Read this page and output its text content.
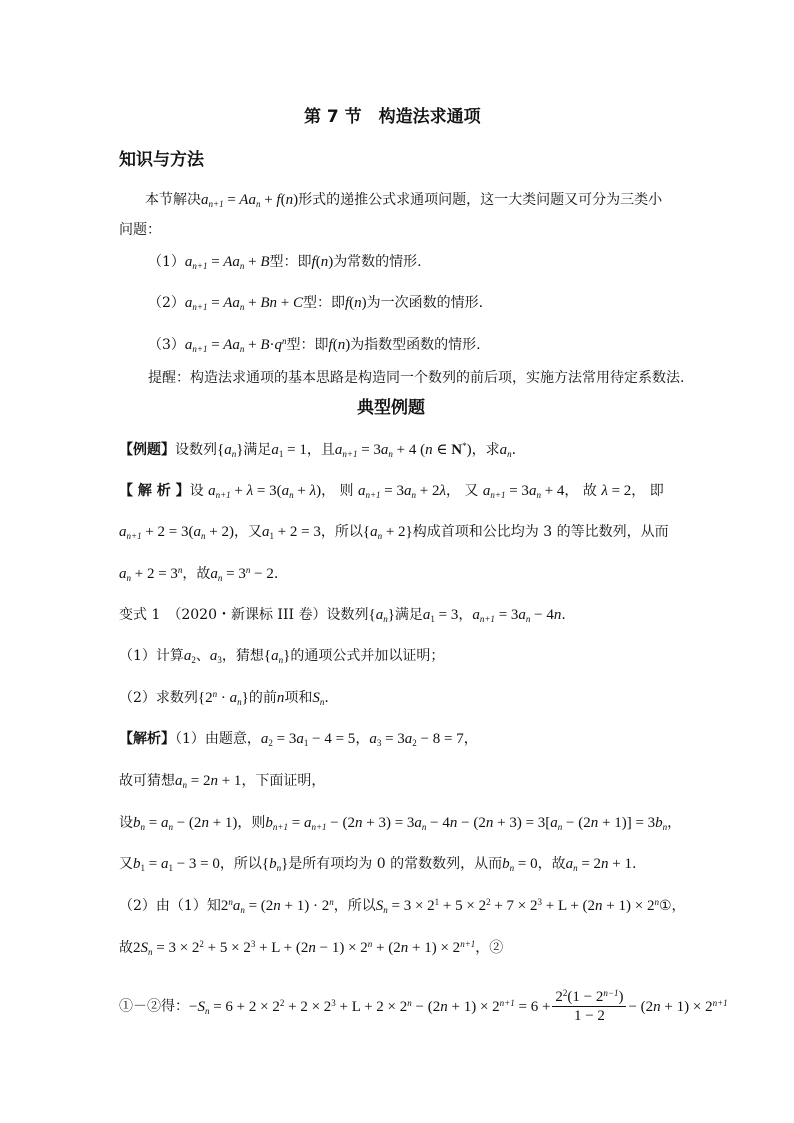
第 7 节　构造法求通项
知识与方法
本节解决$a_{n+1} = Aa_n + f(n)$形式的递推公式求通项问题，这一大类问题又可分为三类小
问题：
$(1)a_{n+1} = Aa_n + B$型：即f(n)为常数的情形.
$(2)a_{n+1} = Aa_n + Bn + C$型：即f(n)为一次函数的情形.
$(3)a_{n+1} = Aa_n + B\cdot q^n$型：即f(n)为指数型函数的情形.
提醒：构造法求通项的基本思路是构造同一个数列的前后项，实施方法常用待定系数法.
典型例题
【例题】设数列$\{a_n\}$满足$a_1 = 1$，且$a_{n+1} = 3a_n + 4$ (n ∈ N*)，求$a_n$.
【 解 析 】设 $a_{n+1} + \lambda = 3(a_n + \lambda)$， 则 $a_{n+1} = 3a_n + 2\lambda$， 又 $a_{n+1} = 3a_n + 4$， 故 λ = 2， 即
$a_{n+1} + 2 = 3(a_n + 2)$，又$a_1 + 2 = 3$，所以$\{a_n + 2\}$构成首项和公比均为 3 的等比数列，从而
$a_n + 2 = 3^n$，故$a_n = 3^n - 2$.
变式 1　（2020・新课标 III 卷）设数列$\{a_n\}$满足$a_1 = 3$，$a_{n+1} = 3a_n - 4n$.
（1）计算$a_2$、$a_3$，猜想$\{a_n\}$的通项公式并加以证明；
（2）求数列$\{2^n \cdot a_n\}$的前n项和$S_n$.
【解析】（1）由题意，$a_2 = 3a_1 - 4 = 5$，$a_3 = 3a_2 - 8 = 7$，
故可猜想$a_n = 2n + 1$，下面证明，
设$b_n = a_n - (2n + 1)$，则$b_{n+1} = a_{n+1} - (2n + 3) = 3a_n - 4n - (2n + 3) = 3[a_n - (2n + 1)] = 3b_n$，
又$b_1 = a_1 - 3 = 0$，所以$\{b_n\}$是所有项均为 0 的常数数列，从而$b_n = 0$，故$a_n = 2n + 1$.
（2）由（1）知$2^na_n = (2n + 1) \cdot 2^n$，所以$S_n = 3 \times 2^1 + 5 \times 2^2 + 7 \times 2^3 + L + (2n + 1)$ × $2^n①$，
故$2S_n = 3 \times 2^2 + 5 \times 2^3 + L + (2n - 1) \times 2^n + (2n + 1) \times 2^{n+1}$，②
①－②得：$-S_n = 6 + 2 \times 2^2 + 2 \times 2^3 + L + 2 \times 2^n - (2n + 1) \times 2^{n+1} = 6 + \frac{2^2(1 - 2^{n-1})}{1 - 2} - (2n + 1) \times 2^{n+1}$
